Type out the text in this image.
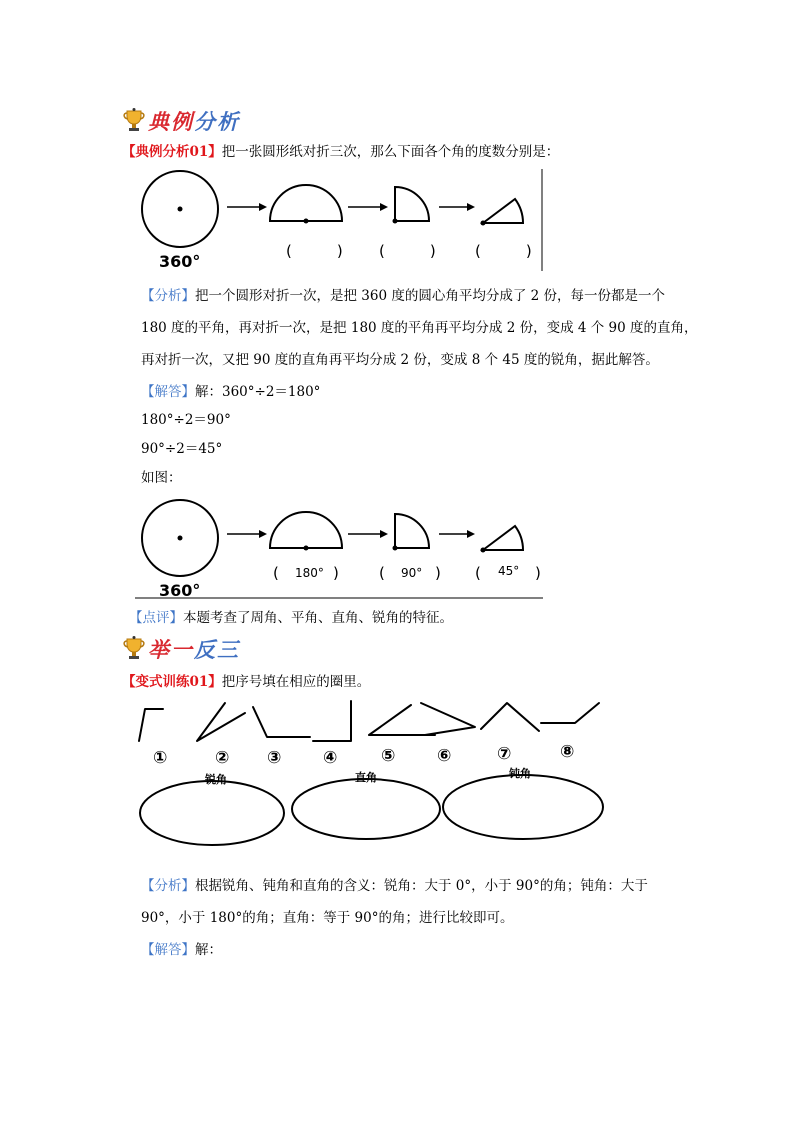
典例分析
【典例分析01】把一张圆形纸对折三次，那么下面各个角的度数分别是：
360°
(   ) (   )	(   )
【分析】把一个圆形对折一次，是把 360 度的圆心角平均分成了 2 份，每一份都是一个
180 度的平角，再对折一次，是把 180 度的平角再平均分成 2 份，变成 4 个 90 度的直角，
再对折一次，又把 90 度的直角再平均分成 2 份，变成 8 个 45 度的锐角，据此解答。
【解答】解：360°÷2＝180°
180°÷2＝90°
90°÷2＝45°
如图：
360°
( 180° )	( 90° ) ( 45° )
【点评】本题考查了周角、平角、直角、锐角的特征。
举一反三
【变式训练01】把序号填在相应的圈里。
①	② ③ ④	⑤ ⑥	⑦	⑧
锐角	直角	钝角
【分析】根据锐角、钝角和直角的含义：锐角：大于 0°，小于 90°的角；钝角：大于
90°，小于 180°的角；直角：等于 90°的角；进行比较即可。
【解答】解：
